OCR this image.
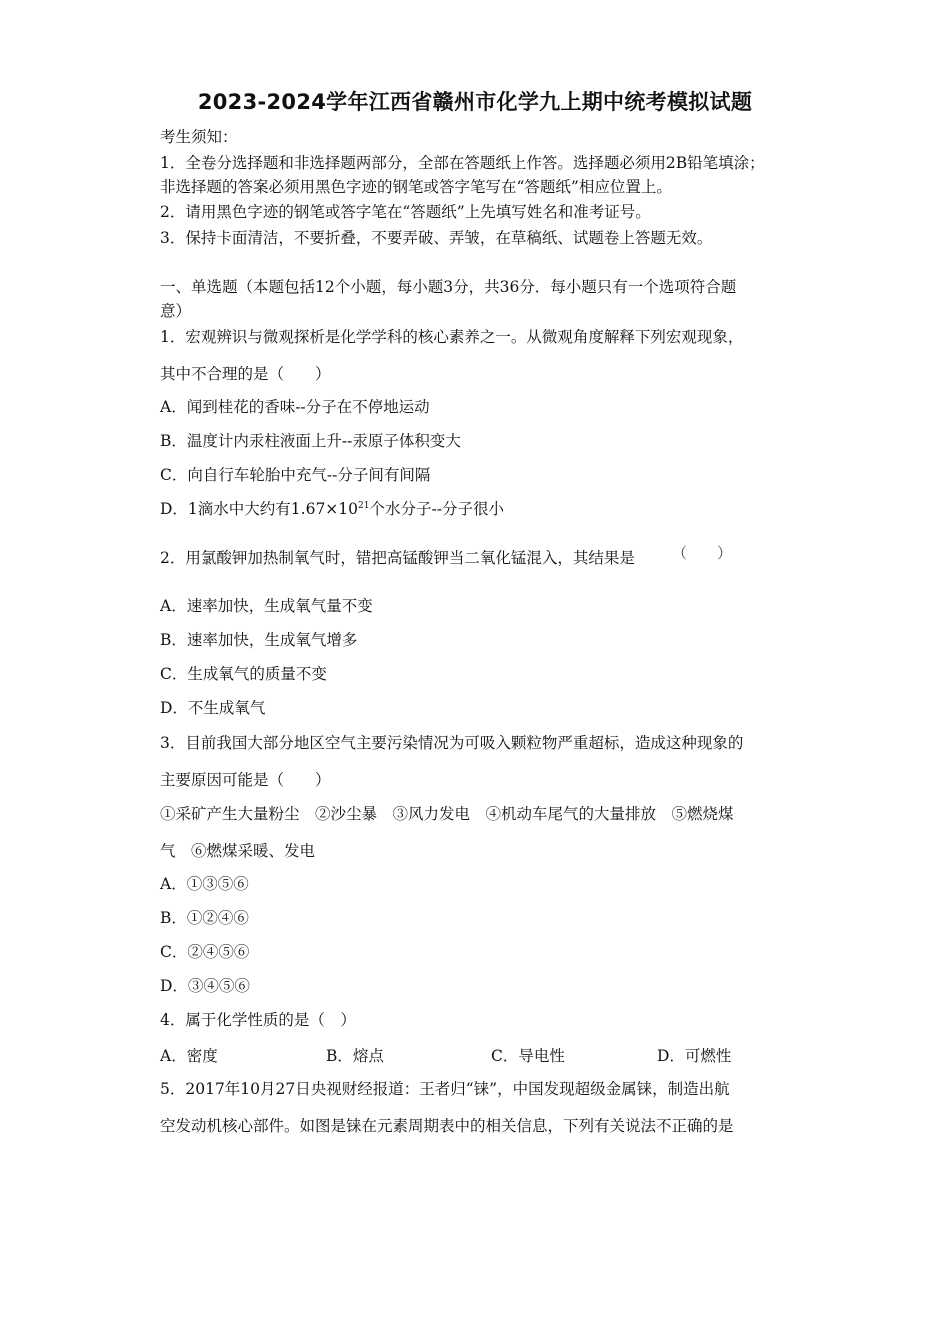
2023-2024学年江西省赣州市化学九上期中统考模拟试题
考生须知：
1．全卷分选择题和非选择题两部分，全部在答题纸上作答。选择题必须用2B铅笔填涂；
非选择题的答案必须用黑色字迹的钢笔或答字笔写在“答题纸”相应位置上。
2．请用黑色字迹的钢笔或答字笔在“答题纸”上先填写姓名和准考证号。
3．保持卡面清洁，不要折叠，不要弄破、弄皱，在草稿纸、试题卷上答题无效。
一、单选题（本题包括12个小题，每小题3分，共36分．每小题只有一个选项符合题
意）
1．宏观辨识与微观探析是化学学科的核心素养之一。从微观角度解释下列宏观现象，
其中不合理的是（　　）
A．闻到桂花的香味--分子在不停地运动
B．温度计内汞柱液面上升--汞原子体积变大
C．向自行车轮胎中充气--分子间有间隔
D．1滴水中大约有$1.67\times 10^{21}$个水分子--分子很小
2．用氯酸钾加热制氧气时，错把高锰酸钾当二氧化锰混入，其结果是 （　　）
A．速率加快，生成氧气量不变
B．速率加快，生成氧气增多
C．生成氧气的质量不变
D．不生成氧气
3．目前我国大部分地区空气主要污染情况为可吸入颗粒物严重超标，造成这种现象的
主要原因可能是（　　）
①采矿产生大量粉尘　②沙尘暴　③风力发电　④机动车尾气的大量排放　⑤燃烧煤
气　⑥燃煤采暖、发电
A．①③⑤⑥
B．①②④⑥
C．②④⑤⑥
D．③④⑤⑥
4．属于化学性质的是（　）
A．密度	B．熔点	C．导电性	D．可燃性
5．2017年10月27日央视财经报道：王者归“铼”，中国发现超级金属铼，制造出航
空发动机核心部件。如图是铼在元素周期表中的相关信息，下列有关说法不正确的是
